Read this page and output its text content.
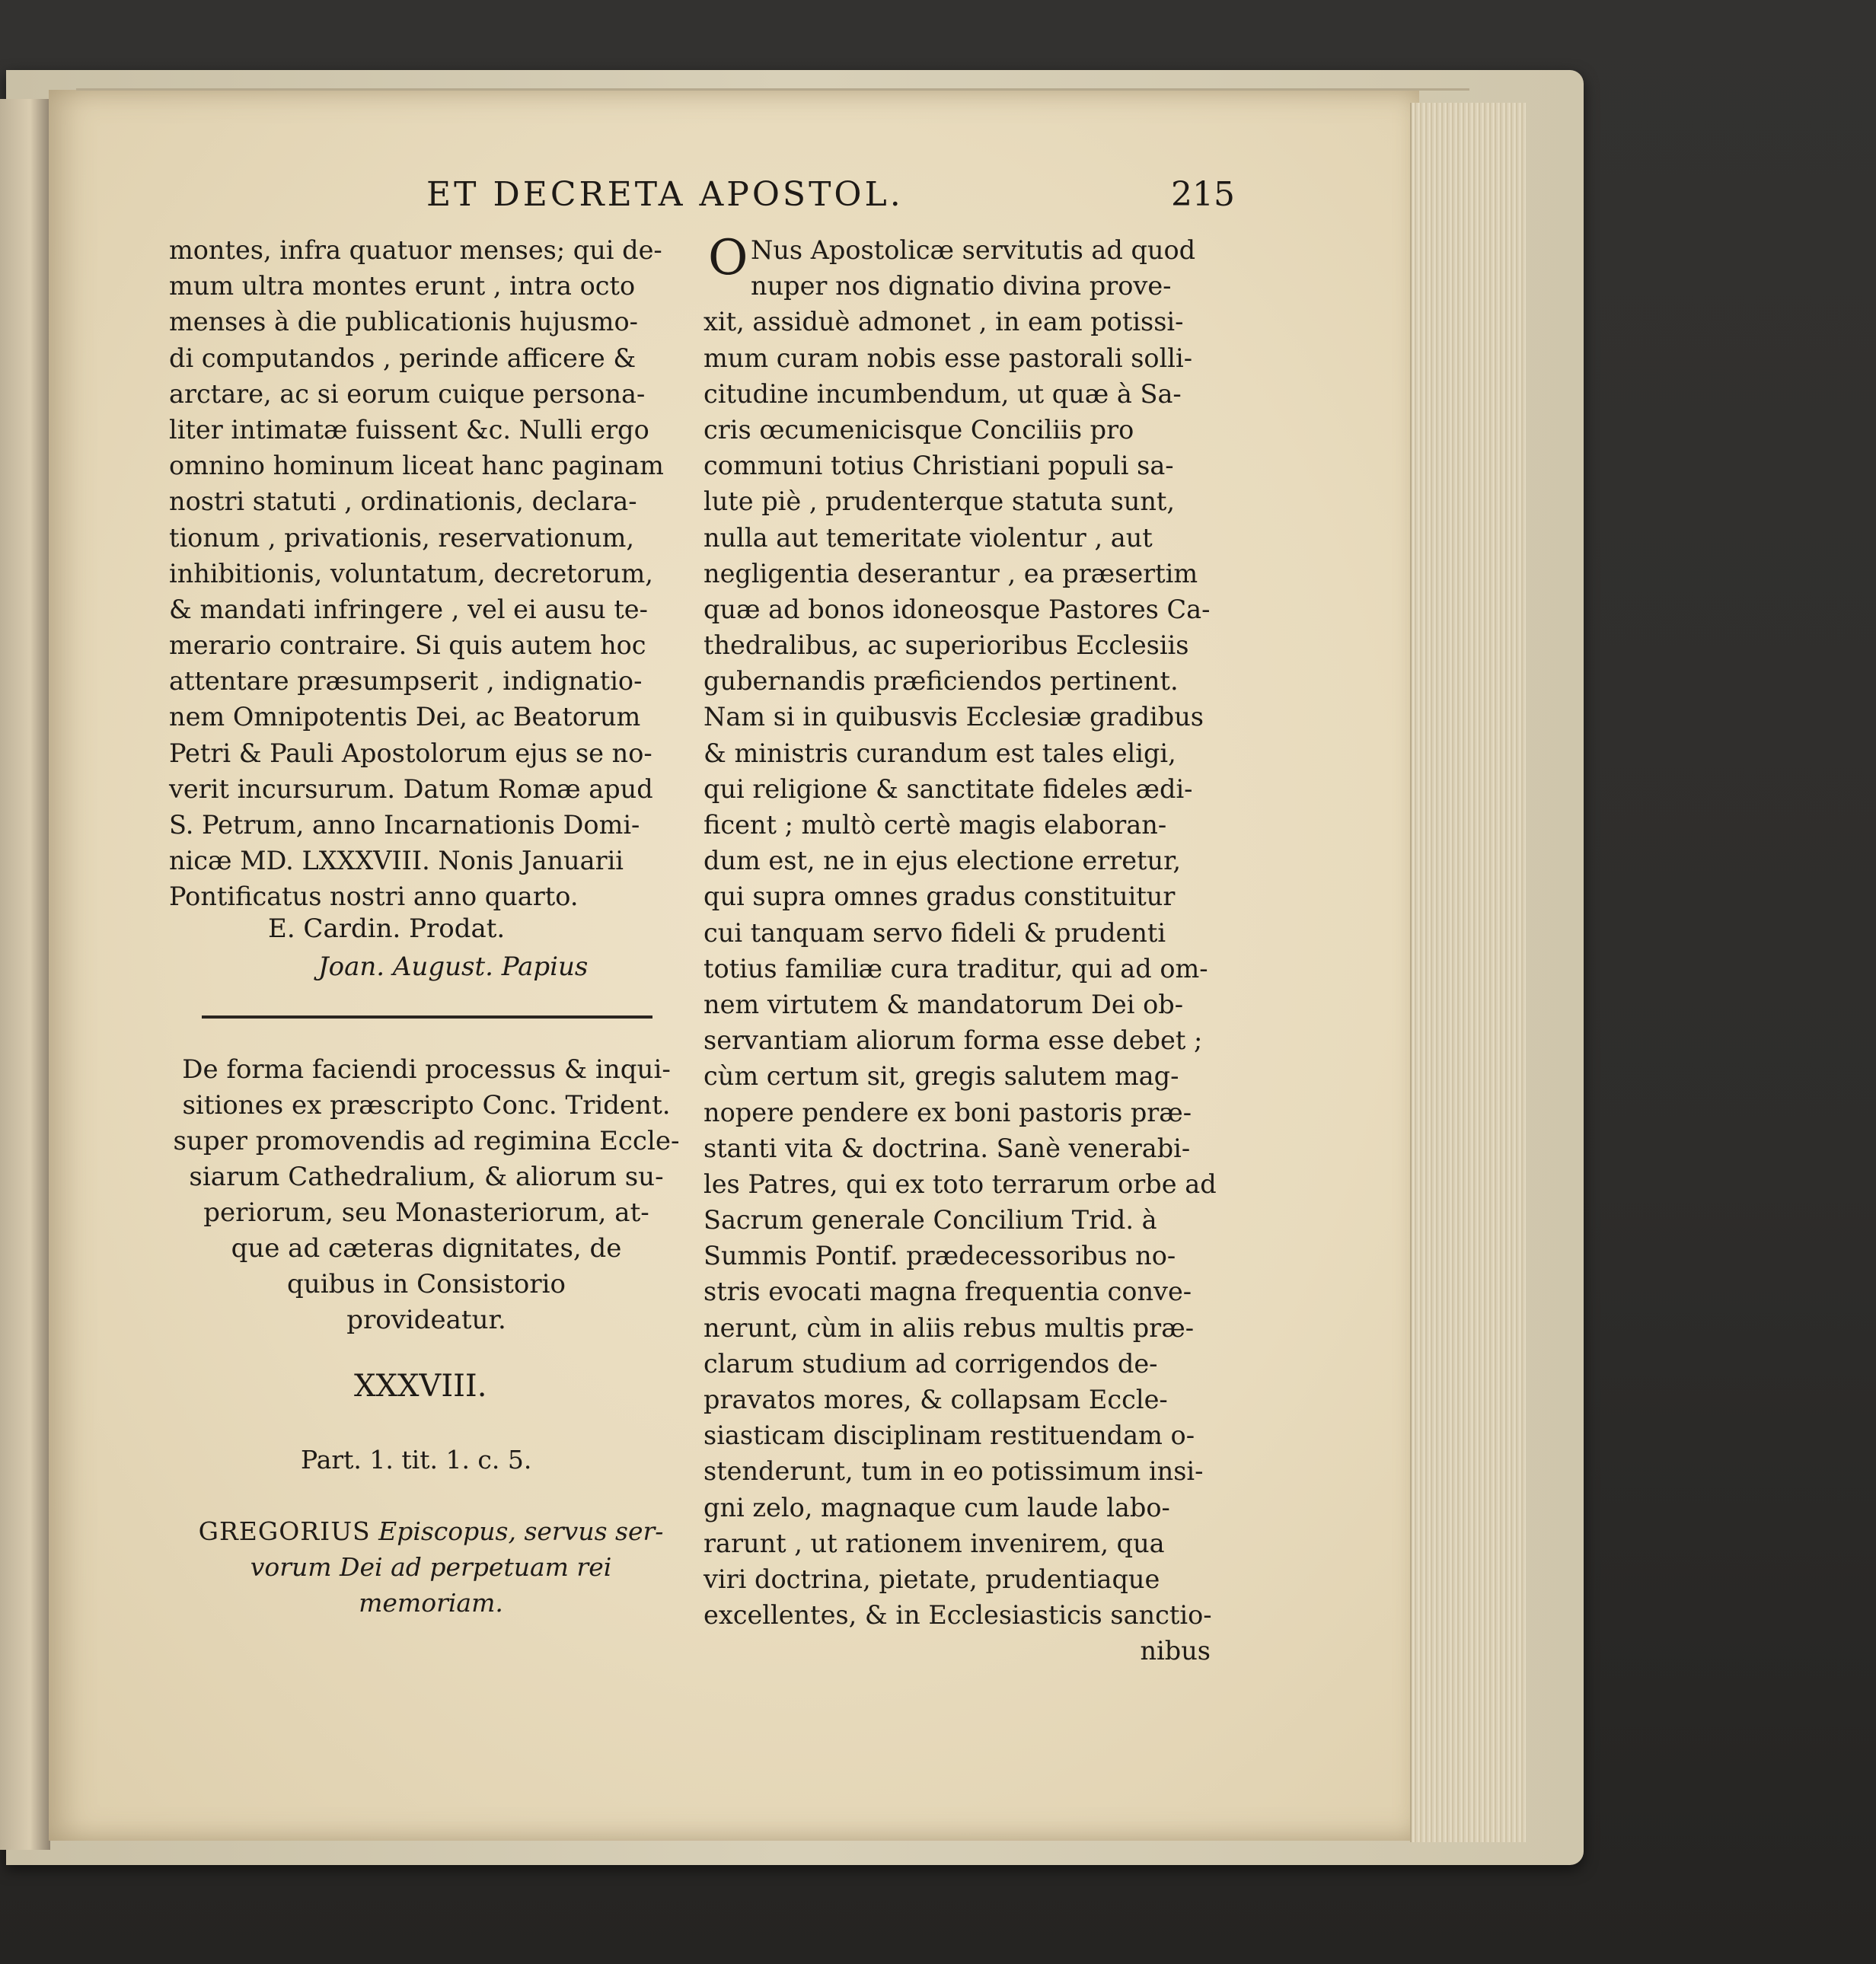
ET DECRETA APOSTOL.	215
montes, infra quatuor menses; qui de-
mum ultra montes erunt , intra octo
menses à die publicationis hujusmo-
di computandos , perinde afficere &
arctare, ac si eorum cuique persona-
liter intimatæ fuissent &c. Nulli ergo
omnino hominum liceat hanc paginam
nostri statuti , ordinationis, declara-
tionum , privationis, reservationum,
inhibitionis, voluntatum, decretorum,
& mandati infringere , vel ei ausu te-
merario contraire. Si quis autem hoc
attentare præsumpserit , indignatio-
nem Omnipotentis Dei, ac Beatorum
Petri & Pauli Apostolorum ejus se no-
verit incursurum. Datum Romæ apud
S. Petrum, anno Incarnationis Domi-
nicæ MD. LXXXVIII. Nonis Januarii
Pontificatus nostri anno quarto.
E. Cardin. Prodat.
Joan. August. Papius
De forma faciendi processus & inqui-
sitiones ex præscripto Conc. Trident.
super promovendis ad regimina Eccle-
siarum Cathedralium, & aliorum su-
periorum, seu Monasteriorum, at-
que ad cæteras dignitates, de
quibus in Consistorio
provideatur.
XXXVIII.
Part. 1. tit. 1. c. 5.
GREGORIUS Episcopus, servus ser-
vorum Dei ad perpetuam rei
memoriam.
O Nus Apostolicæ servitutis ad quod
nuper nos dignatio divina prove-
xit, assiduè admonet , in eam potissi-
mum curam nobis esse pastorali solli-
citudine incumbendum, ut quæ à Sa-
cris œcumenicisque Conciliis pro
communi totius Christiani populi sa-
lute piè , prudenterque statuta sunt,
nulla aut temeritate violentur , aut
negligentia deserantur , ea præsertim
quæ ad bonos idoneosque Pastores Ca-
thedralibus, ac superioribus Ecclesiis
gubernandis præficiendos pertinent.
Nam si in quibusvis Ecclesiæ gradibus
& ministris curandum est tales eligi,
qui religione & sanctitate fideles ædi-
ficent ; multò certè magis elaboran-
dum est, ne in ejus electione erretur,
qui supra omnes gradus constituitur
cui tanquam servo fideli & prudenti
totius familiæ cura traditur, qui ad om-
nem virtutem & mandatorum Dei ob-
servantiam aliorum forma esse debet ;
cùm certum sit, gregis salutem mag-
nopere pendere ex boni pastoris præ-
stanti vita & doctrina. Sanè venerabi-
les Patres, qui ex toto terrarum orbe ad
Sacrum generale Concilium Trid. à
Summis Pontif. prædecessoribus no-
stris evocati magna frequentia conve-
nerunt, cùm in aliis rebus multis præ-
clarum studium ad corrigendos de-
pravatos mores, & collapsam Eccle-
siasticam disciplinam restituendam o-
stenderunt, tum in eo potissimum insi-
gni zelo, magnaque cum laude labo-
rarunt , ut rationem invenirem, qua
viri doctrina, pietate, prudentiaque
excellentes, & in Ecclesiasticis sanctio-
nibus
